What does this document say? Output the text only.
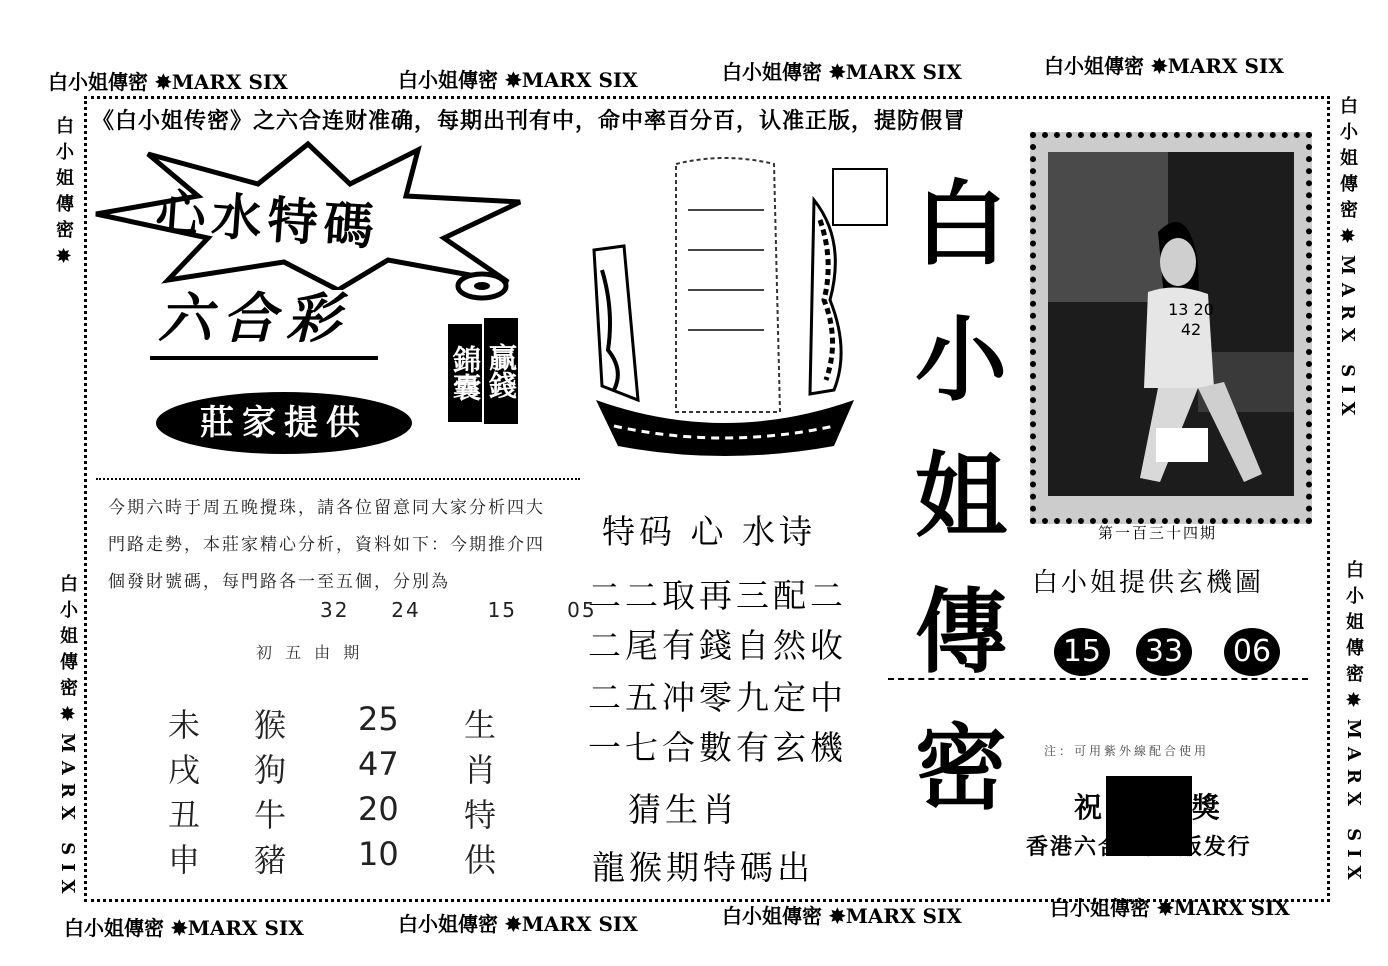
白小姐傳密 ✸MARX SIX	白小姐傳密 ✸MARX SIX	白小姐傳密 ✸MARX SIX	白小姐傳密 ✸MARX SIX
白小姐傳密 ✸MARX SIX	白小姐傳密 ✸MARX SIX	白小姐傳密 ✸MARX SIX	白小姐傳密 ✸MARX SIX
白小姐傳密✸
白小姐傳密✸MARX SIX
白小姐傳密✸MARX SIX
白小姐傳密✸MARX SIX
《白小姐传密》之六合连财准确，每期出刊有中，命中率百分百，认准正版，提防假冒
心水特碼
六合彩
贏錢
錦囊
莊家提供
今期六時于周五晚攪珠，請各位留意同大家分析四大門路走勢，本莊家精心分析，資料如下：今期推介四個發財號碼，每門路各一至五個，分別為
32 24	15	05
初 五 由 期
未 猴 25 生
戌 狗 47 肖
丑 牛 20 特
申 豬 10 供
特码 心 水诗
二二取再三配二
二尾有錢自然收
二五冲零九定中
一七合數有玄機
猜生肖
龍猴期特碼出
白
小
姐
傳
密
13 20 42
第一百三十四期
白小姐提供玄機圖
15 33 06
注：可用紫外線配合使用
祝 期中獎
香港六合 司出版发行
